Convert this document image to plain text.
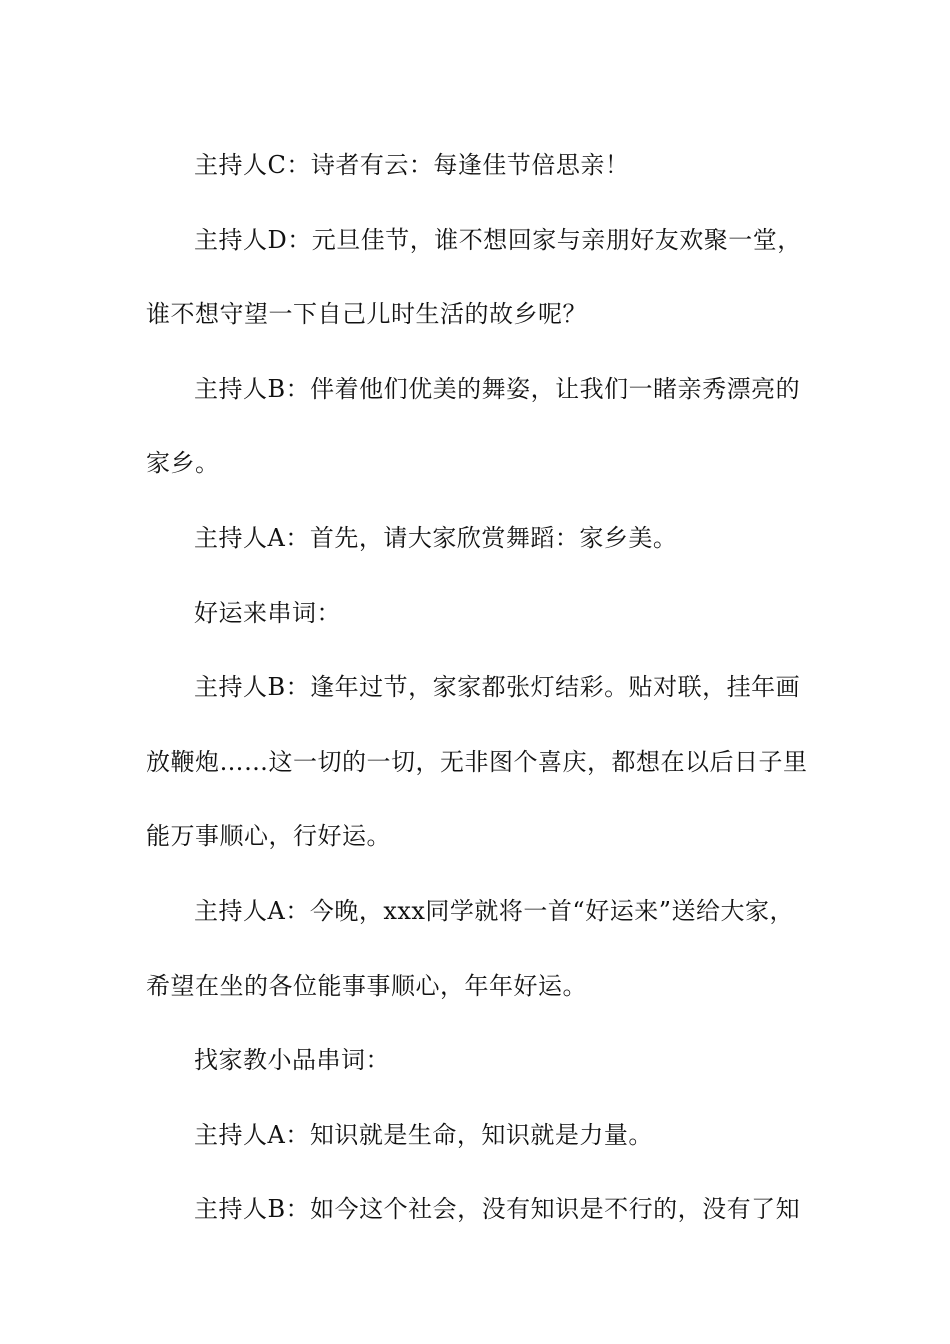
主持人C：诗者有云：每逢佳节倍思亲！

主持人D：元旦佳节，谁不想回家与亲朋好友欢聚一堂，谁不想守望一下自己儿时生活的故乡呢？

主持人B：伴着他们优美的舞姿，让我们一睹亲秀漂亮的家乡。

主持人A：首先，请大家欣赏舞蹈：家乡美。

好运来串词：

主持人B：逢年过节，家家都张灯结彩。贴对联，挂年画放鞭炮……这一切的一切，无非图个喜庆，都想在以后日子里能万事顺心，行好运。

主持人A：今晚，xxx同学就将一首“好运来”送给大家，希望在坐的各位能事事顺心，年年好运。

找家教小品串词：

主持人A：知识就是生命，知识就是力量。

主持人B：如今这个社会，没有知识是不行的，没有了知
